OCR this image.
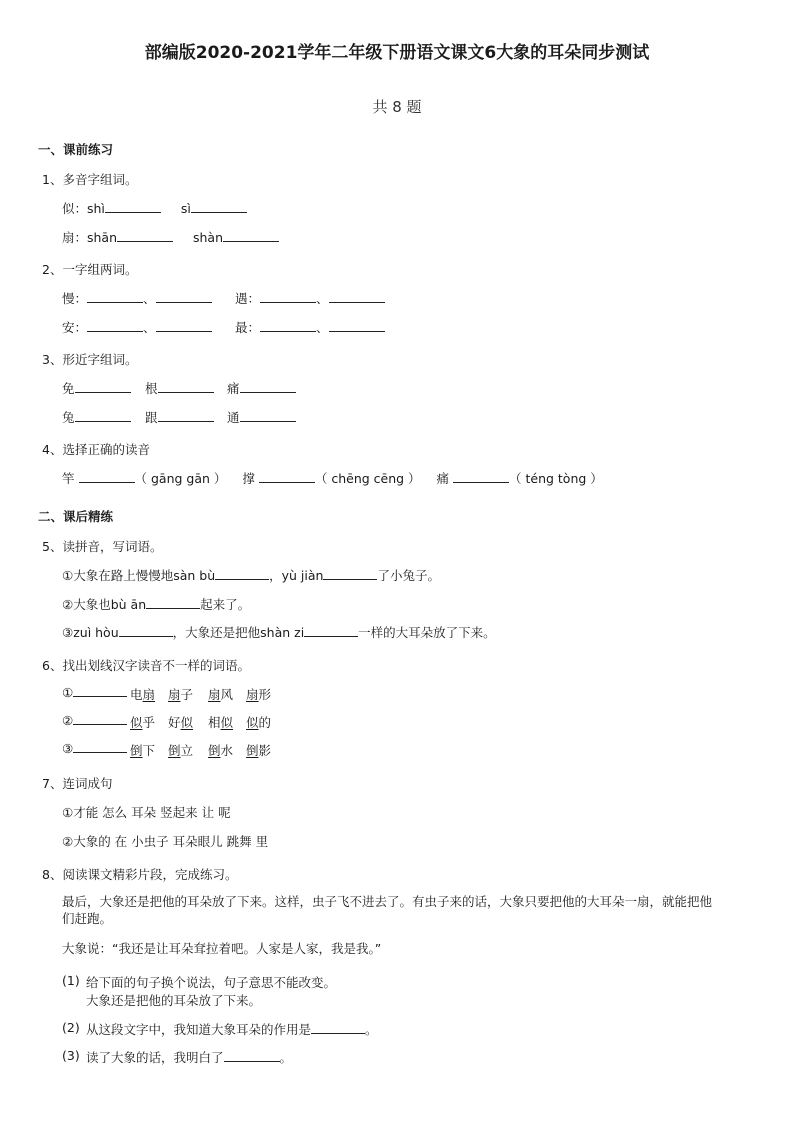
部编版2020-2021学年二年级下册语文课文6大象的耳朵同步测试
共 8 题
一、课前练习
1、多音字组词。
似：shì	sì
扇：shān	shàn
2、一字组两词。
慢：	、	遇：	、
安：	、	最：	、
3、形近字组词。
免	根	痛
兔	跟	通
4、选择正确的读音
竿	（ gāng gān ） 撑	（ chēng cēng ） 痛	（ téng tòng ）
二、课后精练
5、读拼音，写词语。
①大象在路上慢慢地sàn bù	，yù jiàn	了小兔子。
②大象也bù ān	起来了。
③zuì hòu	，大象还是把他shàn zi	一样的大耳朵放了下来。
6、找出划线汉字读音不一样的词语。
①	电扇 扇子 扇风 扇形
②	似乎 好似 相似 似的
③	倒下 倒立 倒水 倒影
7、连词成句
①才能 怎么 耳朵 竖起来 让 呢
②大象的 在 小虫子 耳朵眼儿 跳舞 里
8、阅读课文精彩片段，完成练习。
最后，大象还是把他的耳朵放了下来。这样，虫子飞不进去了。有虫子来的话，大象只要把他的大耳朵一扇，就能把他们赶跑。
大象说：“我还是让耳朵耷拉着吧。人家是人家，我是我。”
(1) 给下面的句子换个说法，句子意思不能改变。
大象还是把他的耳朵放了下来。
(2) 从这段文字中，我知道大象耳朵的作用是	。
(3) 读了大象的话，我明白了	。
